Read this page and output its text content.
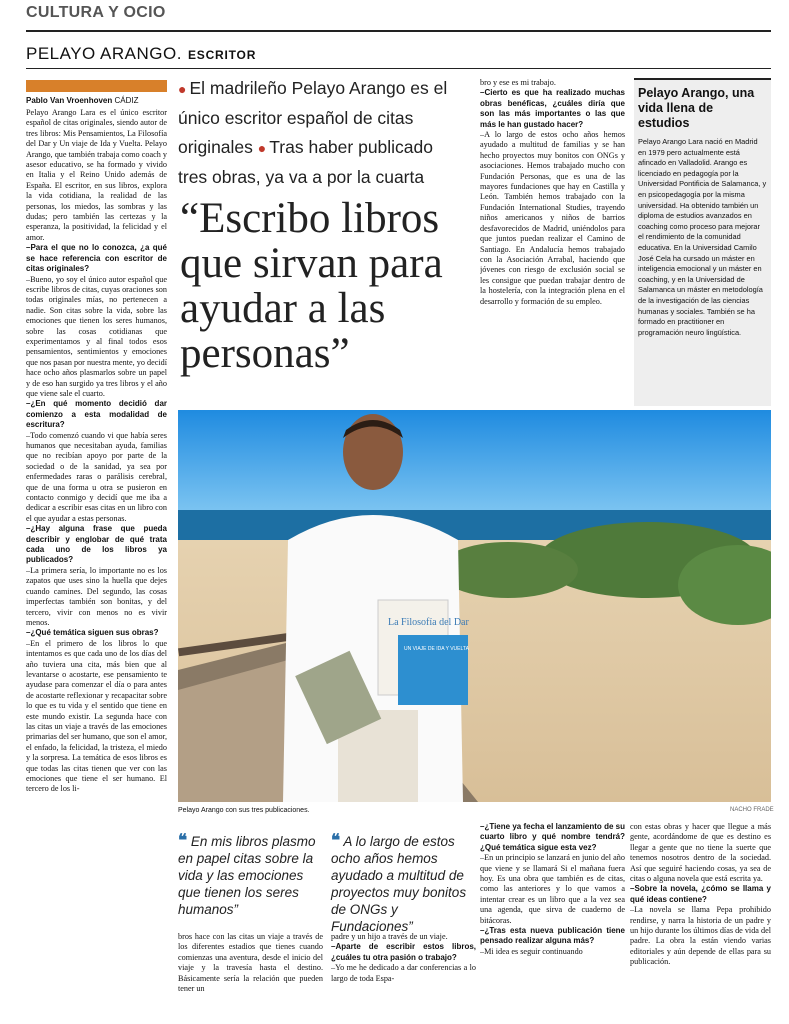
CULTURA Y OCIO
PELAYO ARANGO. ESCRITOR
Pablo Van Vroenhoven CÁDIZ

Pelayo Arango Lara es el único escritor español de citas originales, siendo autor de tres libros: Mis Pensamientos, La Filosofía del Dar y Un viaje de Ida y Vuelta. Pelayo Arango, que también trabaja como coach y asesor educativo, se ha formado y vivido en Italia y el Reino Unido además de España. El escritor, en sus libros, explora la vida cotidiana, la realidad de las personas, los miedos, las sombras y las dudas; pero también las certezas y la esperanza, la positividad, la felicidad y el amor.

–Para el que no lo conozca, ¿a qué se hace referencia con escritor de citas originales?

–Bueno, yo soy el único autor español que escribe libros de citas, cuyas oraciones son todas originales mías, no pertenecen a nadie. Son citas sobre la vida, sobre las emociones que tienen los seres humanos, sobre las cosas cotidianas que experimentamos y al final todos esos pensamientos, sentimientos y emociones que nos pasan por nuestra mente, yo decidí hace ocho años plasmarlos sobre un papel y de eso han surgido ya tres libros y el año que viene sale el cuarto.

–¿En qué momento decidió dar comienzo a esta modalidad de escritura?

–Todo comenzó cuando vi que había seres humanos que necesitaban ayuda, familias que no recibían apoyo por parte de la sociedad o de la sanidad, ya sea por enfermedades raras o parálisis cerebral, que de una forma u otra se pusieron en contacto conmigo y decidí que me iba a dedicar a escribir esas citas en un libro con el que ayudar a estas personas.

–¿Hay alguna frase que pueda describir y englobar de qué trata cada uno de los libros ya publicados?

–La primera sería, lo importante no es los zapatos que uses sino la huella que dejes cuando camines. Del segundo, las cosas imperfectas también son bonitas, y del tercero, vivir con menos no es vivir menos.

–¿Qué temática siguen sus obras?

–En el primero de los libros lo que intentamos es que cada uno de los días del año tuviera una cita, más bien que al levantarse o acostarte, ese pensamiento te ayudase para comenzar el día o para antes de acostarte reflexionar y recapacitar sobre lo que es tu vida y el sentido que tiene en este mundo existir. La segunda hace con las citas un viaje a través de las emociones primarias del ser humano, que son el amor, el enfado, la felicidad, la tristeza, el miedo y la sorpresa. La temática de esos libros es que todas las citas tienen que ver con las emociones que tiene el ser humano. El tercero de los li-

● El madrileño Pelayo Arango es el único escritor español de citas originales ● Tras haber publicado tres obras, ya va a por la cuarta
“Escribo libros que sirvan para ayudar a las personas”

bro y ese es mi trabajo.

–Cierto es que ha realizado muchas obras benéficas, ¿cuáles diría que son las más importantes o las que más le han gustado hacer?

–A lo largo de estos ocho años hemos ayudado a multitud de familias y se han hecho proyectos muy bonitos con ONGs y asociaciones. Hemos trabajado mucho con Fundación Personas, que es una de las mayores fundaciones que hay en Castilla y León. También hemos trabajado con la Fundación International Studies, trayendo niños americanos y niños de barrios desfavorecidos de Madrid, uniéndolos para que juntos puedan realizar el Camino de Santiago. En Andalucía hemos trabajado con la Asociación Arrabal, haciendo que jóvenes con riesgo de exclusión social se les consigue que puedan trabajar dentro de la hostelería, con la integración plena en el desarrollo y formación de su empleo.

Pelayo Arango, una vida llena de estudios
Pelayo Arango Lara nació en Madrid en 1979 pero actualmente está afincado en Valladolid. Arango es licenciado en pedagogía por la Universidad Pontificia de Salamanca, y en psicopedagogía por la misma universidad. Ha obtenido también un diploma de estudios avanzados en coaching como proceso para mejorar el rendimiento de la comunidad educativa. En la Universidad Camilo José Cela ha cursado un máster en inteligencia emocional y un máster en coaching, y en la Universidad de Salamanca un máster en metodología de la investigación de las ciencias humanas y sociales. También se ha formado en practitioner en programación neuro lingüística.
La Filosofía del Dar
UN VIAJE DE IDA Y VUELTA
Pelayo Arango con sus tres publicaciones.	NACHO FRADE
❝ En mis libros plasmo en papel citas sobre la vida y las emociones que tienen los seres humanos”
❝ A lo largo de estos ocho años hemos ayudado a multitud de proyectos muy bonitos de ONGs y Fundaciones”

bros hace con las citas un viaje a través de los diferentes estadios que tienes cuando comienzas una aventura, desde el inicio del viaje y la travesía hasta el destino. Básicamente sería la relación que pueden tener un

padre y un hijo a través de un viaje.

–Aparte de escribir estos libros, ¿cuáles tu otra pasión o trabajo?

–Yo me he dedicado a dar conferencias a lo largo de toda Espa-

–¿Tiene ya fecha el lanzamiento de su cuarto libro y qué nombre tendrá? ¿Qué temática sigue esta vez?

–En un principio se lanzará en junio del año que viene y se llamará Si el mañana fuera hoy. Es una obra que también es de citas, como las anteriores y lo que vamos a intentar crear es un libro que a la vez sea una agenda, que sirva de cuaderno de bitácoras.

–¿Tras esta nueva publicación tiene pensado realizar alguna más?

–Mi idea es seguir continuando

con estas obras y hacer que llegue a más gente, acordándome de que es destino es llegar a gente que no tiene la suerte que tenemos nosotros dentro de la sociedad. Así que seguiré haciendo cosas, ya sea de citas o alguna novela que está escrita ya.

–Sobre la novela, ¿cómo se llama y qué ideas contiene?

–La novela se llama Pepa prohibido rendirse, y narra la historia de un padre y un hijo durante los últimos días de vida del padre. La obra la están viendo varias editoriales y aún depende de ellas para su publicación.
